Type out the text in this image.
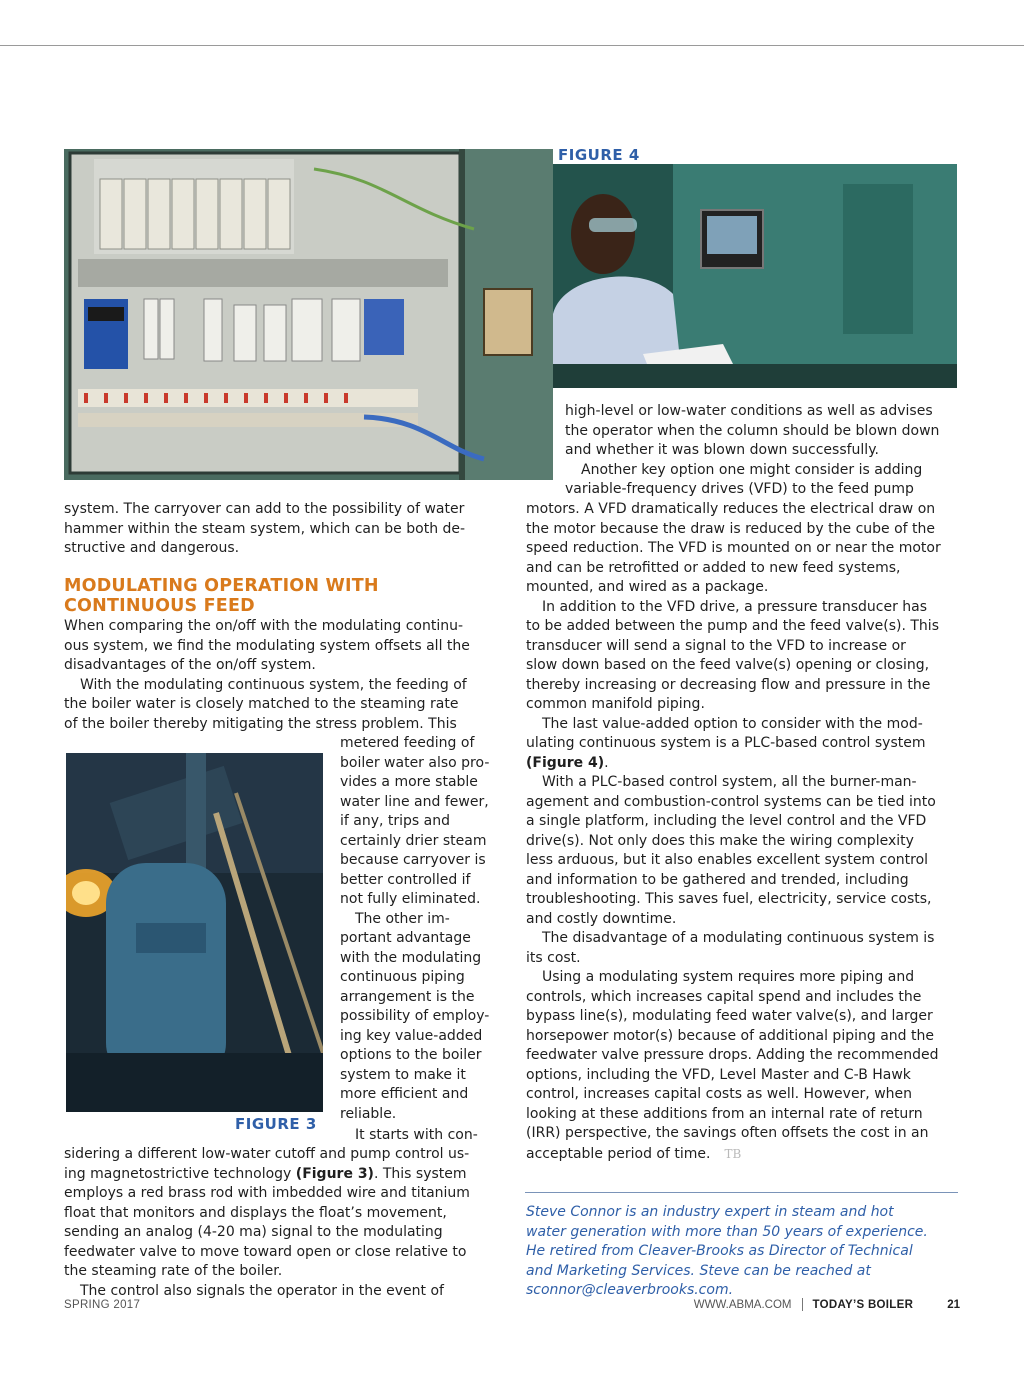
FIGURE 4
system. The carryover can add to the possibility of water
hammer within the steam system, which can be both de-
structive and dangerous.
MODULATING OPERATION WITH
CONTINUOUS FEED
When comparing the on/off with the modulating continu-
ous system, we find the modulating system offsets all the
disadvantages of the on/off system.
With the modulating continuous system, the feeding of
the boiler water is closely matched to the steaming rate
of the boiler thereby mitigating the stress problem. This
metered feeding of
boiler water also pro-
vides a more stable
water line and fewer,
if any, trips and
certainly drier steam
because carryover is
better controlled if
not fully eliminated.
The other im-
portant advantage
with the modulating
continuous piping
arrangement is the
possibility of employ-
ing key value-added
options to the boiler
system to make it
more efficient and
reliable.
It starts with con-
FIGURE 3
sidering a different low-water cutoff and pump control us-
ing magnetostrictive technology (Figure 3). This system
employs a red brass rod with imbedded wire and titanium
float that monitors and displays the float’s movement,
sending an analog (4-20 ma) signal to the modulating
feedwater valve to move toward open or close relative to
the steaming rate of the boiler.
The control also signals the operator in the event of
high-level or low-water conditions as well as advises
the operator when the column should be blown down
and whether it was blown down successfully.
Another key option one might consider is adding
variable-frequency drives (VFD) to the feed pump
motors. A VFD dramatically reduces the electrical draw on
the motor because the draw is reduced by the cube of the
speed reduction. The VFD is mounted on or near the motor
and can be retrofitted or added to new feed systems,
mounted, and wired as a package.
In addition to the VFD drive, a pressure transducer has
to be added between the pump and the feed valve(s). This
transducer will send a signal to the VFD to increase or
slow down based on the feed valve(s) opening or closing,
thereby increasing or decreasing flow and pressure in the
common manifold piping.
The last value-added option to consider with the mod-
ulating continuous system is a PLC-based control system
(Figure 4).
With a PLC-based control system, all the burner-man-
agement and combustion-control systems can be tied into
a single platform, including the level control and the VFD
drive(s). Not only does this make the wiring complexity
less arduous, but it also enables excellent system control
and information to be gathered and trended, including
troubleshooting. This saves fuel, electricity, service costs,
and costly downtime.
The disadvantage of a modulating continuous system is
its cost.
Using a modulating system requires more piping and
controls, which increases capital spend and includes the
bypass line(s), modulating feed water valve(s), and larger
horsepower motor(s) because of additional piping and the
feedwater valve pressure drops. Adding the recommended
options, including the VFD, Level Master and C-B Hawk
control, increases capital costs as well. However, when
looking at these additions from an internal rate of return
(IRR) perspective, the savings often offsets the cost in an
acceptable period of time. TB
Steve Connor is an industry expert in steam and hot
water generation with more than 50 years of experience.
He retired from Cleaver-Brooks as Director of Technical
and Marketing Services. Steve can be reached at
sconnor@cleaverbrooks.com.
SPRING 2017	WWW.ABMA.COM TODAY’S BOILER	21
